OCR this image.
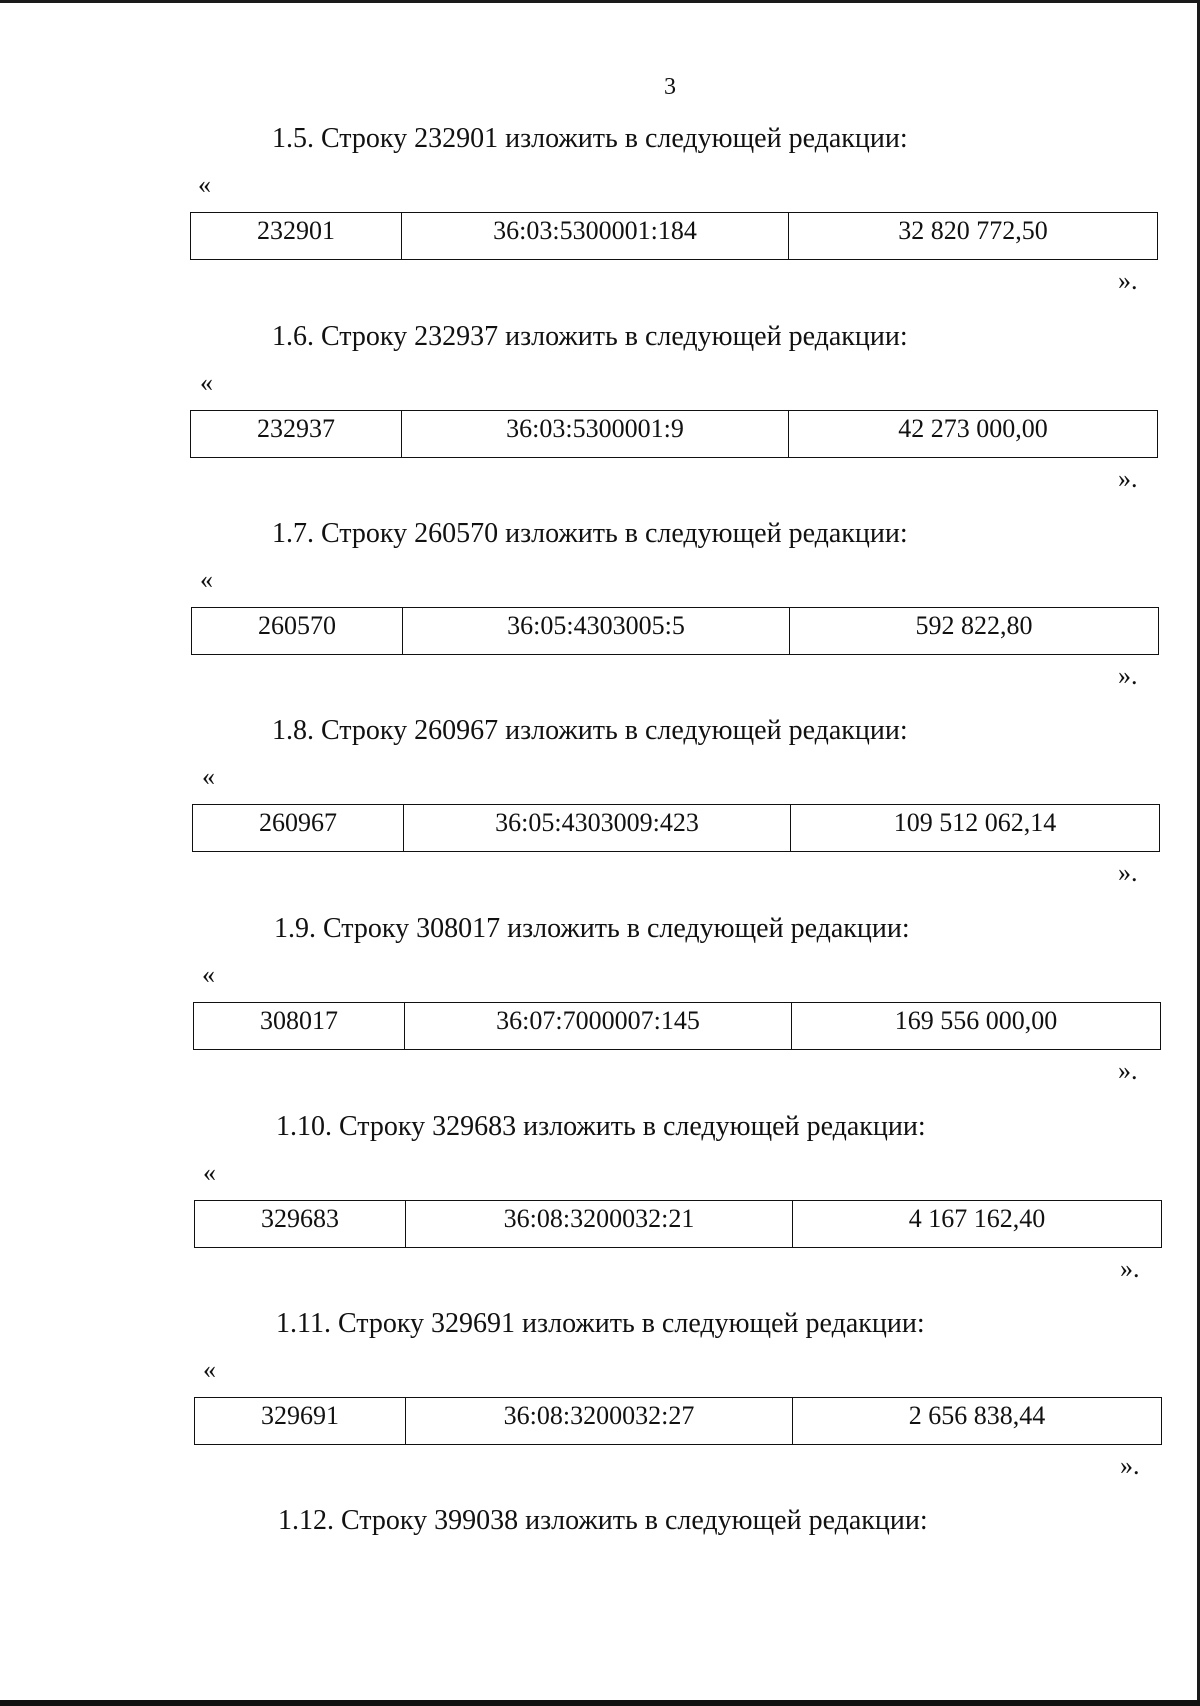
3
1.5. Строку 232901 изложить в следующей редакции:
«
232901	36:03:5300001:184	32 820 772,50
».
1.6. Строку 232937 изложить в следующей редакции:
«
232937	36:03:5300001:9	42 273 000,00
».
1.7. Строку 260570 изложить в следующей редакции:
«
260570	36:05:4303005:5	592 822,80
».
1.8. Строку 260967 изложить в следующей редакции:
«
260967	36:05:4303009:423	109 512 062,14
».
1.9. Строку 308017 изложить в следующей редакции:
«
308017	36:07:7000007:145	169 556 000,00
».
1.10. Строку 329683 изложить в следующей редакции:
«
329683	36:08:3200032:21	4 167 162,40
».
1.11. Строку 329691 изложить в следующей редакции:
«
329691	36:08:3200032:27	2 656 838,44
».
1.12. Строку 399038 изложить в следующей редакции:
